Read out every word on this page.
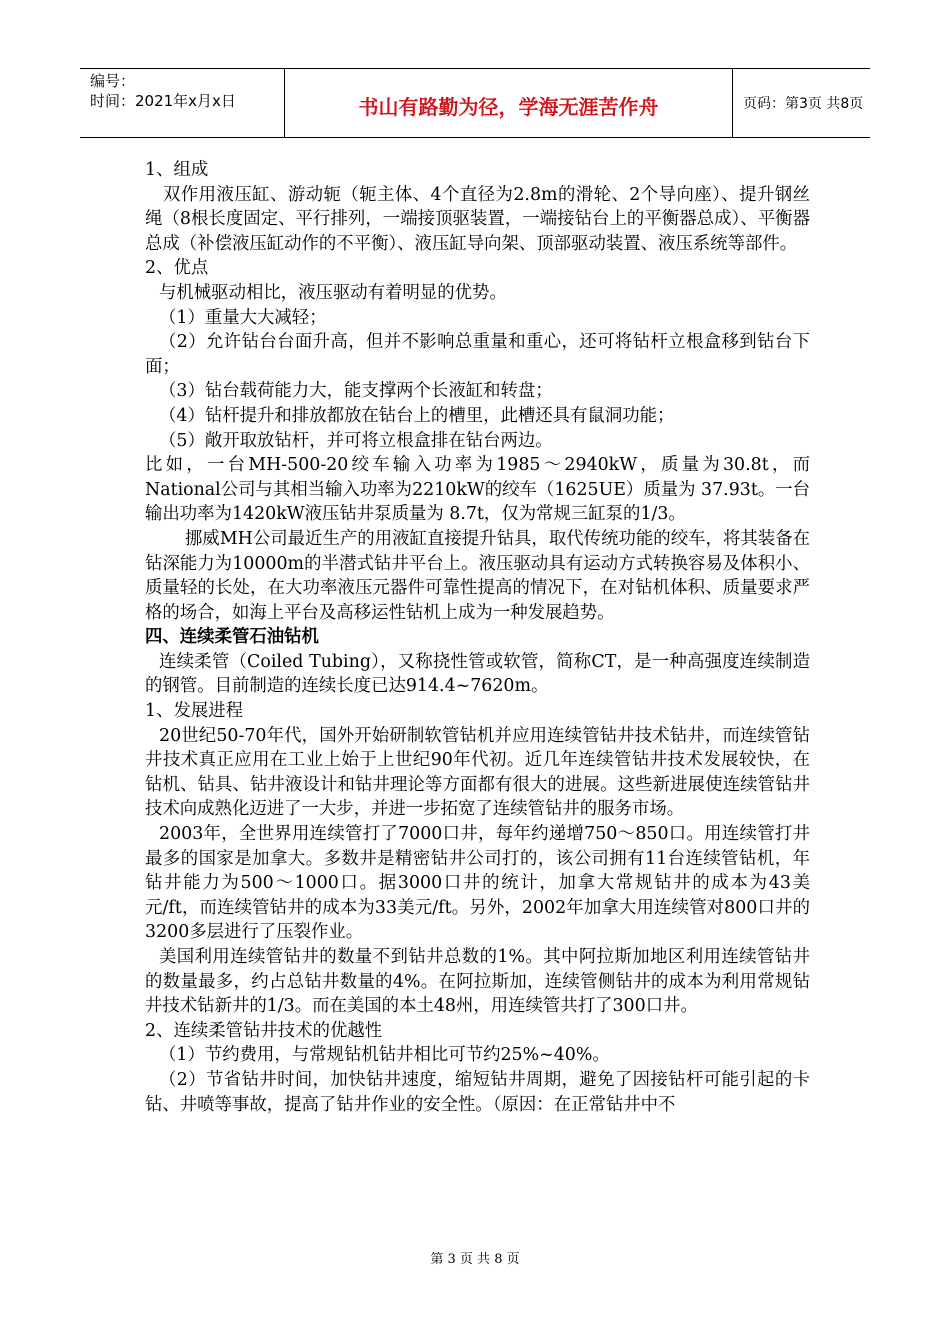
编号：
时间：2021年x月x日	书山有路勤为径，学海无涯苦作舟	页码：第3页 共8页

1、组成

双作用液压缸、游动轭（轭主体、4个直径为2.8m的滑轮、2个导向座）、提升钢丝绳（8根长度固定、平行排列，一端接顶驱装置，一端接钻台上的平衡器总成）、平衡器总成（补偿液压缸动作的不平衡）、液压缸导向架、顶部驱动装置、液压系统等部件。

2、优点

与机械驱动相比，液压驱动有着明显的优势。

（1）重量大大减轻；

（2）允许钻台台面升高，但并不影响总重量和重心，还可将钻杆立根盒移到钻台下面；

（3）钻台载荷能力大，能支撑两个长液缸和转盘；

（4）钻杆提升和排放都放在钻台上的槽里，此槽还具有鼠洞功能；

（5）敞开取放钻杆，并可将立根盒排在钻台两边。

比如，一台MH-500-20绞车输入功率为1985～2940kW，质量为30.8t，而National公司与其相当输入功率为2210kW的绞车（1625UE）质量为 37.93t。一台输出功率为1420kW液压钻井泵质量为 8.7t，仅为常规三缸泵的1/3。

挪威MH公司最近生产的用液缸直接提升钻具，取代传统功能的绞车，将其装备在钻深能力为10000m的半潜式钻井平台上。液压驱动具有运动方式转换容易及体积小、质量轻的长处，在大功率液压元器件可靠性提高的情况下，在对钻机体积、质量要求严格的场合，如海上平台及高移运性钻机上成为一种发展趋势。

四、连续柔管石油钻机

连续柔管（Coiled Tubing），又称挠性管或软管，简称CT，是一种高强度连续制造的钢管。目前制造的连续长度已达914.4~7620m。

1、发展进程

20世纪50-70年代，国外开始研制软管钻机并应用连续管钻井技术钻井，而连续管钻井技术真正应用在工业上始于上世纪90年代初。近几年连续管钻井技术发展较快，在钻机、钻具、钻井液设计和钻井理论等方面都有很大的进展。这些新进展使连续管钻井技术向成熟化迈进了一大步，并进一步拓宽了连续管钻井的服务市场。

2003年，全世界用连续管打了7000口井，每年约递增750～850口。用连续管打井最多的国家是加拿大。多数井是精密钻井公司打的，该公司拥有11台连续管钻机，年钻井能力为500～1000口。据3000口井的统计，加拿大常规钻井的成本为43美元/ft，而连续管钻井的成本为33美元/ft。另外，2002年加拿大用连续管对800口井的3200多层进行了压裂作业。

美国利用连续管钻井的数量不到钻井总数的1%。其中阿拉斯加地区利用连续管钻井的数量最多，约占总钻井数量的4%。在阿拉斯加，连续管侧钻井的成本为利用常规钻井技术钻新井的1/3。而在美国的本土48州，用连续管共打了300口井。

2、连续柔管钻井技术的优越性

（1）节约费用，与常规钻机钻井相比可节约25%~40%。

（2）节省钻井时间，加快钻井速度，缩短钻井周期，避免了因接钻杆可能引起的卡钻、井喷等事故，提高了钻井作业的安全性。（原因：在正常钻井中不

第 3 页 共 8 页
